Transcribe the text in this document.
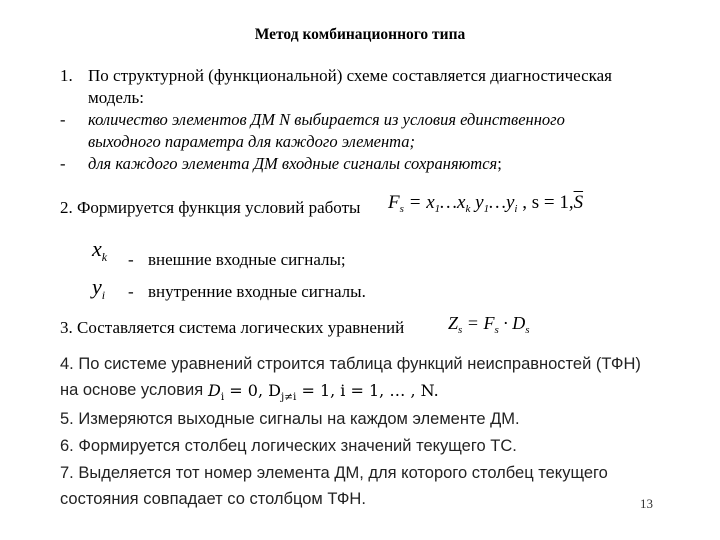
Метод комбинационного типа
1. По структурной (функциональной) схеме составляется диагностическая
модель:
- количество элементов ДМ N выбирается из условия единственного
выходного параметра для каждого элемента;
- для каждого элемента ДМ входные сигналы сохраняются;
2. Формируется функция условий работы $F_s$ = $x_1\dots x_k$ $y_1\dots y_i$ , $s = 1,\overline{S}$
$x_k$ - внешние входные сигналы;
$y_i$ - внутренние входные сигналы.
3. Составляется система логических уравнений $Z_s = F_s \cdot D_s$
4. По системе уравнений строится таблица функций неисправностей (ТФН)
на основе условия $D_i = 0$, $D_{j\ne i} = 1$, i = 1, … , N.
5. Измеряются выходные сигналы на каждом элементе ДМ.
6. Формируется столбец логических значений текущего ТС.
7. Выделяется тот номер элемента ДМ, для которого столбец текущего
состояния совпадает со столбцом ТФН.	13
